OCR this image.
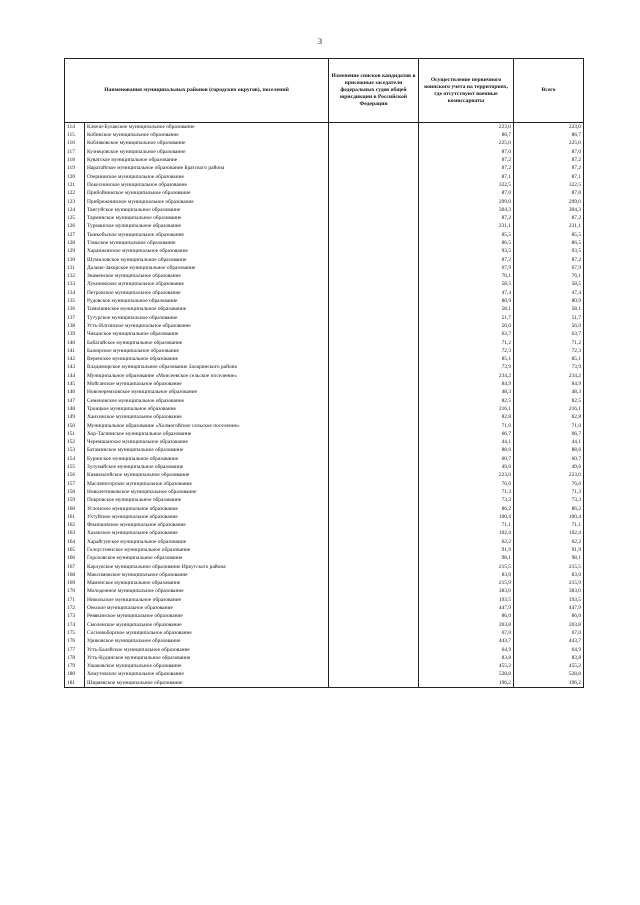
3
Наименования муниципальных районов (городских округов), поселений		Изменение списков кандидатов в присяжные заседатели федеральных судов общей юрисдикции в Российской Федерации	Осуществление первичного воинского учета на территориях, где отсутствуют военные комиссариаты	Всего
114	Ключи-Булакское муниципальное образование		223,0	223,0
115	Кобинское муниципальное образование		86,7	86,7
116	Кобляковское муниципальное образование		225,0	225,0
117	Кузнецовское муниципальное образование		87,0	87,0
118	Куватское муниципальное образование		87,2	87,2
119	Наратайское муниципальное образование Братского района		87,2	87,2
120	Озернинское муниципальное образование		87,1	87,1
121	Покоснинское муниципальное образование		322,5	322,5
122	Прибойнинское муниципальное образование		87,0	87,0
123	Прибрежнинское муниципальное образование		299,0	299,0
124	Тангуйское муниципальное образование		304,3	304,3
125	Тарминское муниципальное образование		87,2	87,2
126	Турманское муниципальное образование		231,1	231,1
127	Тынкобьское муниципальное образование		85,5	85,5
128	Тэмьское муниципальное образование		86,5	86,5
129	Харанжинское муниципальное образование		93,5	93,5
130	Шумиловское муниципальное образование		87,2	87,2
131	Дальне-Закорское муниципальное образование		67,9	67,9
132	Знаменское муниципальное образование		76,1	76,1
133	Лукиновское муниципальное образование		58,5	58,5
134	Петровское муниципальное образование		47,4	47,4
135	Рудовское муниципальное образование		80,9	80,9
136	Тимошинское муниципальное образование		58,1	58,1
137	Тутурское муниципальное образование		51,7	51,7
138	Усть-Илгинское муниципальное образование		56,0	56,0
139	Чиканское муниципальное образование		63,7	63,7
140	Бабагайское муниципальное образование		71,2	71,2
141	Бажирское муниципальное образование		72,3	72,3
142	Веренское муниципальное образование		85,1	85,1
143	Владимирское муниципальное образование Заларинского района		73,9	73,9
144	Муниципальное образование «Моисеевское сельское поселение»		234,2	234,2
145	Мойганское муниципальное образование		84,9	84,9
146	Новочеремховское муниципальное образование		48,3	48,3
147	Семеновское муниципальное образование		82,5	82,5
148	Троицкое муниципальное образование		216,1	216,1
149	Хаихинское муниципальное образование		82,8	82,8
150	Муниципальное образование «Холмогойское сельское поселение»		71,0	71,0
151	Хор-Тагнинское муниципальное образование		66,7	66,7
152	Черемшанское муниципальное образование		44,1	44,1
153	Батаминское муниципальное образование		88,6	88,6
154	Буринское муниципальное образование		60,7	60,7
155	Зулумайское муниципальное образование		49,6	49,6
156	Кимильтейское муниципальное образование		223,0	223,0
157	Масляногорское муниципальное образование		76,6	76,6
158	Новолетниковское муниципальное образование		71,3	71,3
159	Покровское муниципальное образование		73,3	73,3
160	Услонское муниципальное образование		86,2	86,2
161	Ухтуйское муниципальное образование		100,4	100,4
162	Фиапшовское муниципальное образование		71,1	71,1
163	Хазанское муниципальное образование		102,4	102,4
164	Харайгунское муниципальное образование		62,2	62,2
165	Голоустненское муниципальное образование		91,9	91,9
166	Гороховское муниципальное образование		98,1	98,1
167	Карлукское муниципальное образование Иркутского района		215,5	215,5
168	Максимовское муниципальное образование		83,0	83,0
169	Мамонское муниципальное образование		215,9	215,9
170	Молодежное муниципальное образование		383,0	383,0
171	Никольское муниципальное образование		193,5	193,5
172	Оекское муниципальное образование		447,9	447,9
173	Ревякинское муниципальное образование		86,0	86,0
174	Смоленское муниципальное образование		203,8	203,8
175	Сосновоборское муниципальное образование		67,0	67,0
176	Уриковское муниципальное образование		443,7	443,7
177	Усть-Балейское муниципальное образование		64,9	64,9
178	Усть-Кудинское муниципальное образование		83,8	83,8
179	Ушаковское муниципальное образование		455,2	455,2
180	Хомутовское муниципальное образование		528,8	528,8
181	Ширяевское муниципальное образование		196,2	196,2
